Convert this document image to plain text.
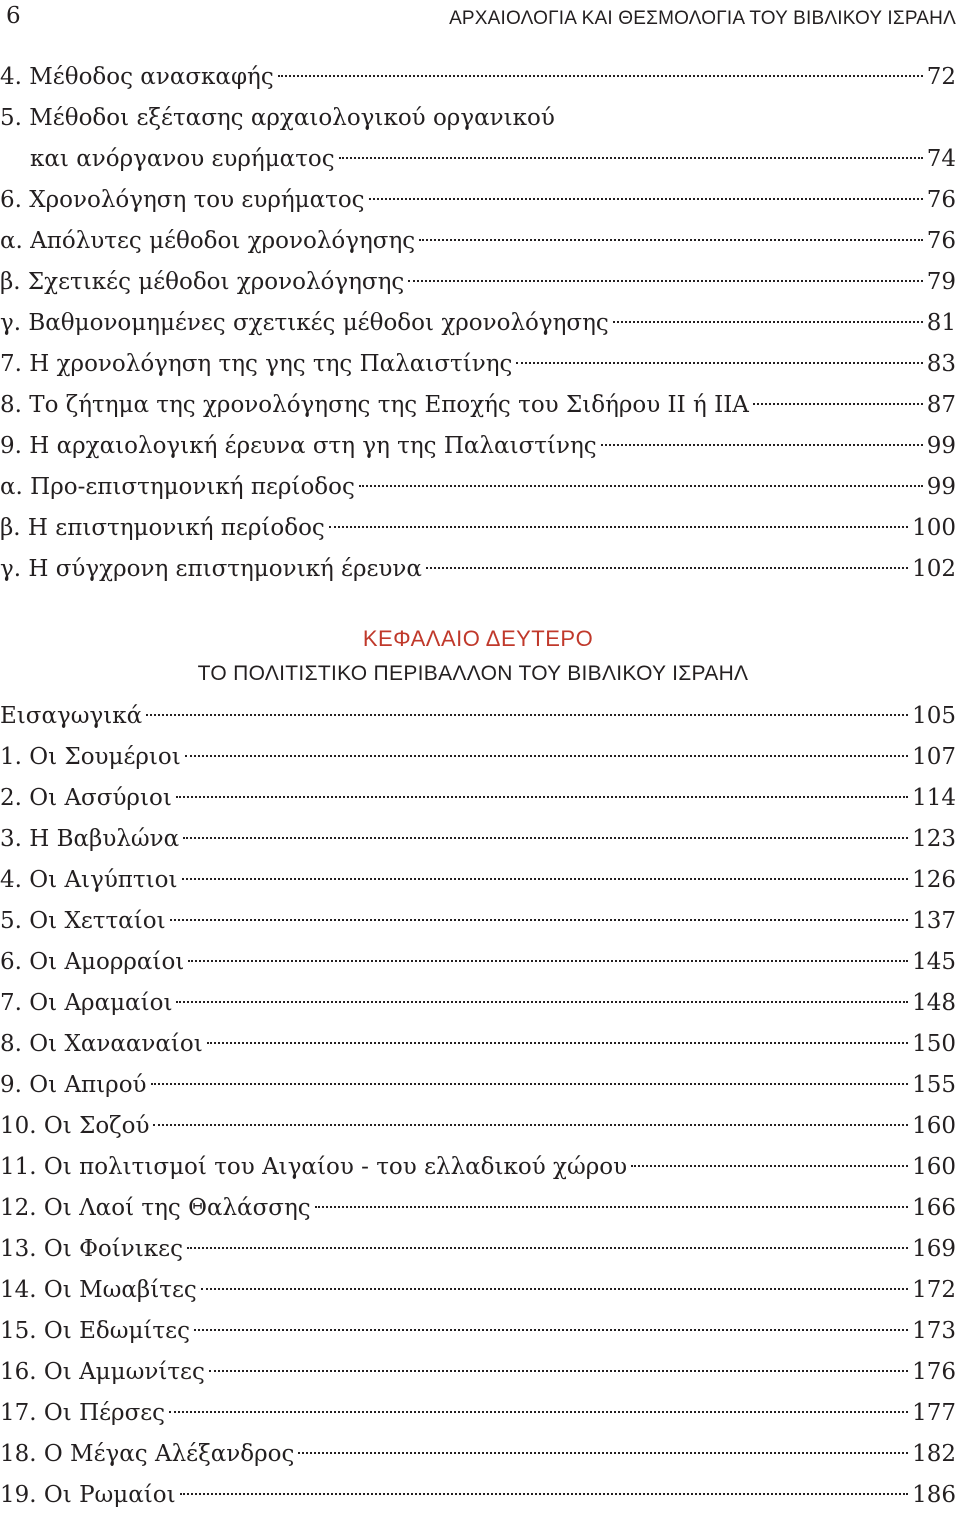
6	ΑΡΧΑΙΟΛΟΓΙΑ ΚΑΙ ΘΕΣΜΟΛΟΓΙΑ ΤΟΥ ΒΙΒΛΙΚΟΥ ΙΣΡΑΗΛ
4. Μέθοδος ανασκαφής	72
5. Μέθοδοι εξέτασης αρχαιολογικού οργανικού
και ανόργανου ευρήματος	74
6. Χρονολόγηση του ευρήματος	76
α. Απόλυτες μέθοδοι χρονολόγησης	76
β. Σχετικές μέθοδοι χρονολόγησης	79
γ. Βαθμονομημένες σχετικές μέθοδοι χρονολόγησης	81
7. Η χρονολόγηση της γης της Παλαιστίνης	83
8. Το ζήτημα της χρονολόγησης της Εποχής του Σιδήρου ΙΙ ή ΙΙΑ	87
9. Η αρχαιολογική έρευνα στη γη της Παλαιστίνης	99
α. Προ-επιστημονική περίοδος	99
β. Η επιστημονική περίοδος	100
γ. Η σύγχρονη επιστημονική έρευνα	102
ΚΕΦΑΛΑΙΟ ΔΕΥΤΕΡΟ
ΤΟ ΠΟΛΙΤΙΣΤΙΚΟ ΠΕΡΙΒΑΛΛΟΝ ΤΟΥ ΒΙΒΛΙΚΟΥ ΙΣΡΑΗΛ
Εισαγωγικά	105
1. Οι Σουμέριοι	107
2. Οι Ασσύριοι	114
3. Η Βαβυλώνα	123
4. Οι Αιγύπτιοι	126
5. Οι Χετταίοι	137
6. Οι Αμορραίοι	145
7. Οι Αραμαίοι	148
8. Οι Χανααναίοι	150
9. Οι Απιρού	155
10. Οι Σοζού	160
11. Οι πολιτισμοί του Αιγαίου - του ελλαδικού χώρου	160
12. Οι Λαοί της Θαλάσσης	166
13. Οι Φοίνικες	169
14. Οι Μωαβίτες	172
15. Οι Εδωμίτες	173
16. Οι Αμμωνίτες	176
17. Οι Πέρσες	177
18. Ο Μέγας Αλέξανδρος	182
19. Οι Ρωμαίοι	186
